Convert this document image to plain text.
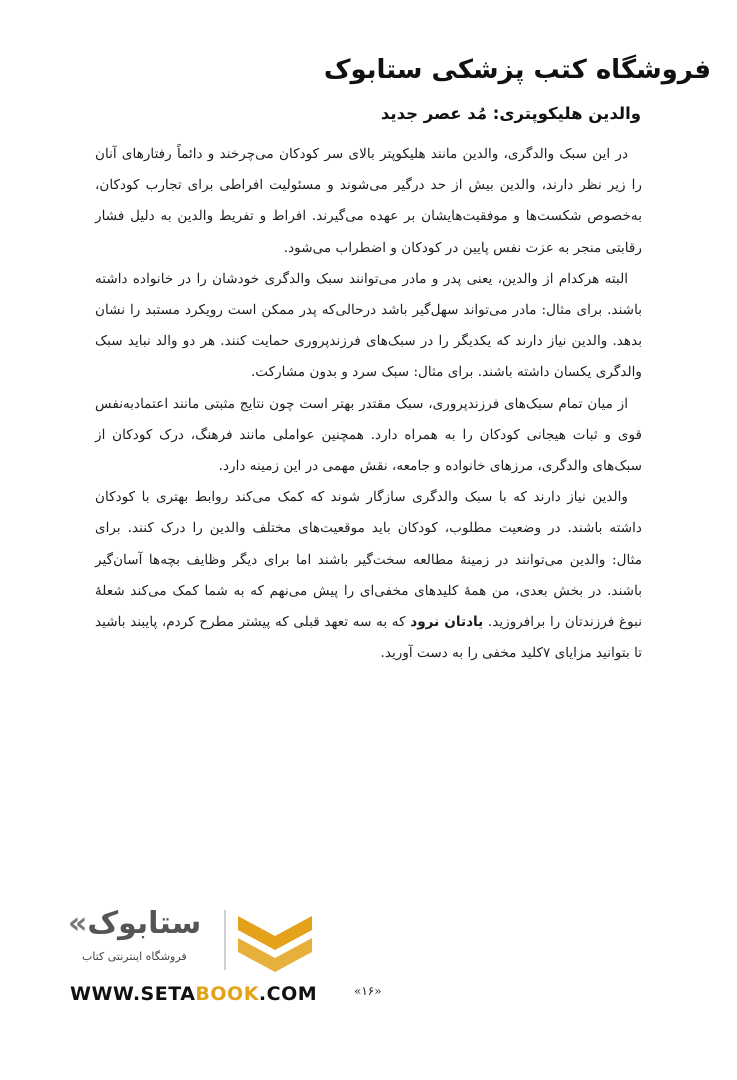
فروشگاه کتب پزشکی ستابوک
والدین هلیکوپتری: مُد عصر جدید

در این سبک والدگری، والدین مانند هلیکوپتر بالای سر کودکان می‌چرخند و دائماً رفتارهای آنان را زیر نظر دارند، والدین بیش از حد درگیر می‌شوند و مسئولیت افراطی برای تجارب کودکان، به‌خصوص شکست‌ها و موفقیت‌هایشان بر عهده می‌گیرند. افراط و تفریط والدین به دلیل فشار رقابتی منجر به عزت نفس پایین در کودکان و اضطراب می‌شود.

البته هرکدام از والدین، یعنی پدر و مادر می‌توانند سبک والدگری خودشان را در خانواده داشته باشند. برای مثال: مادر می‌تواند سهل‌گیر باشد درحالی‌که پدر ممکن است رویکرد مستبد را نشان بدهد. والدین نیاز دارند که یکدیگر را در سبک‌های فرزندپروری حمایت کنند. هر دو والد نباید سبک والدگری یکسان داشته باشند. برای مثال: سبک سرد و بدون مشارکت.

از میان تمام سبک‌های فرزندپروری، سبک مقتدر بهتر است چون نتایج مثبتی مانند اعتمادبه‌نفس قوی و ثبات هیجانی کودکان را به همراه دارد. همچنین عواملی مانند فرهنگ، درک کودکان از سبک‌های والدگری، مرزهای خانواده و جامعه، نقش مهمی در این زمینه دارد.

والدین نیاز دارند که با سبک والدگری سازگار شوند که کمک می‌کند روابط بهتری با کودکان داشته باشند. در وضعیت مطلوب، کودکان باید موقعیت‌های مختلف والدین را درک کنند. برای مثال: والدین می‌توانند در زمینهٔ مطالعه سخت‌گیر باشند اما برای دیگر وظایف بچه‌ها آسان‌گیر باشند. در بخش بعدی، من همهٔ کلیدهای مخفی‌ای را پیش می‌نهم که به شما کمک می‌کند شعلهٔ نبوغ فرزندتان را برافروزید. یادتان نرود که به سه تعهد قبلی که پیشتر مطرح کردم، پایبند باشید تا بتوانید مزایای ۷کلید مخفی را به دست آورید.

«ستابوک
فروشگاه اینترنتی کتاب
WWW.SETABOOK.COM	«۱۶»
